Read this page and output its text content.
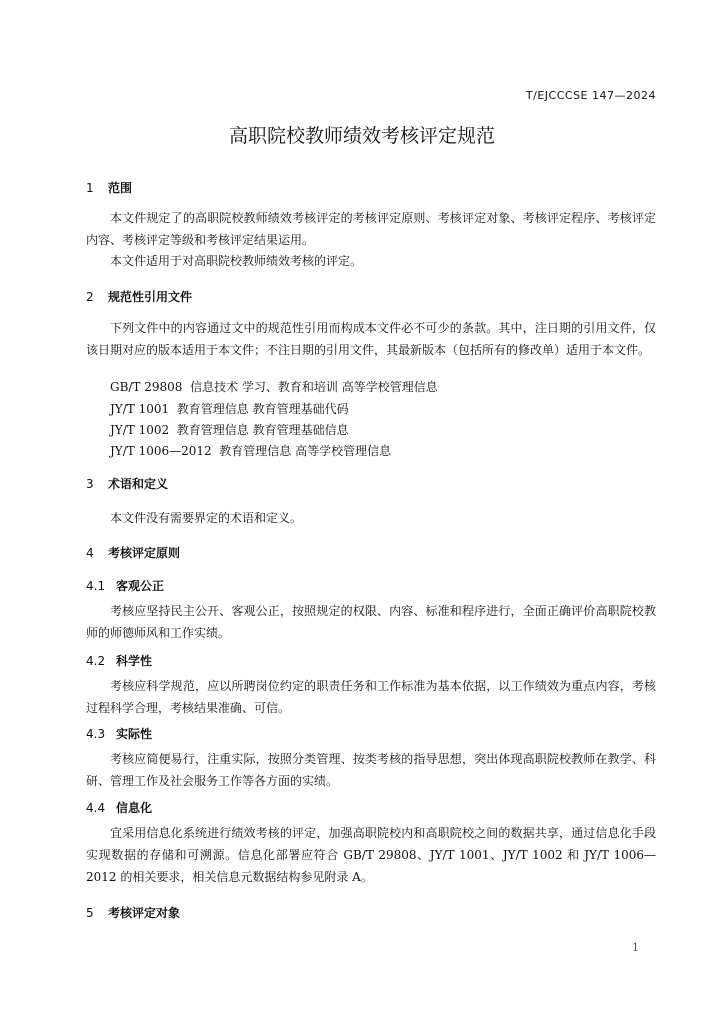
T/EJCCCSE 147—2024
高职院校教师绩效考核评定规范
1 范围
本文件规定了的高职院校教师绩效考核评定的考核评定原则、考核评定对象、考核评定程序、考核评定内容、考核评定等级和考核评定结果运用。
本文件适用于对高职院校教师绩效考核的评定。
2 规范性引用文件
下列文件中的内容通过文中的规范性引用而构成本文件必不可少的条款。其中，注日期的引用文件，仅该日期对应的版本适用于本文件；不注日期的引用文件，其最新版本（包括所有的修改单）适用于本文件。
GB/T 29808  信息技术 学习、教育和培训 高等学校管理信息
JY/T 1001  教育管理信息 教育管理基础代码
JY/T 1002  教育管理信息 教育管理基础信息
JY/T 1006—2012  教育管理信息 高等学校管理信息
3 术语和定义
本文件没有需要界定的术语和定义。
4 考核评定原则
4.1 客观公正
考核应坚持民主公开、客观公正，按照规定的权限、内容、标准和程序进行，全面正确评价高职院校教师的师德师风和工作实绩。
4.2 科学性
考核应科学规范，应以所聘岗位约定的职责任务和工作标准为基本依据，以工作绩效为重点内容，考核过程科学合理，考核结果准确、可信。
4.3 实际性
考核应简便易行，注重实际，按照分类管理、按类考核的指导思想，突出体现高职院校教师在教学、科研、管理工作及社会服务工作等各方面的实绩。
4.4 信息化
宜采用信息化系统进行绩效考核的评定，加强高职院校内和高职院校之间的数据共享，通过信息化手段实现数据的存储和可溯源。信息化部署应符合 GB/T 29808、JY/T 1001、JY/T 1002 和 JY/T 1006—2012 的相关要求，相关信息元数据结构参见附录 A。
5 考核评定对象
1
